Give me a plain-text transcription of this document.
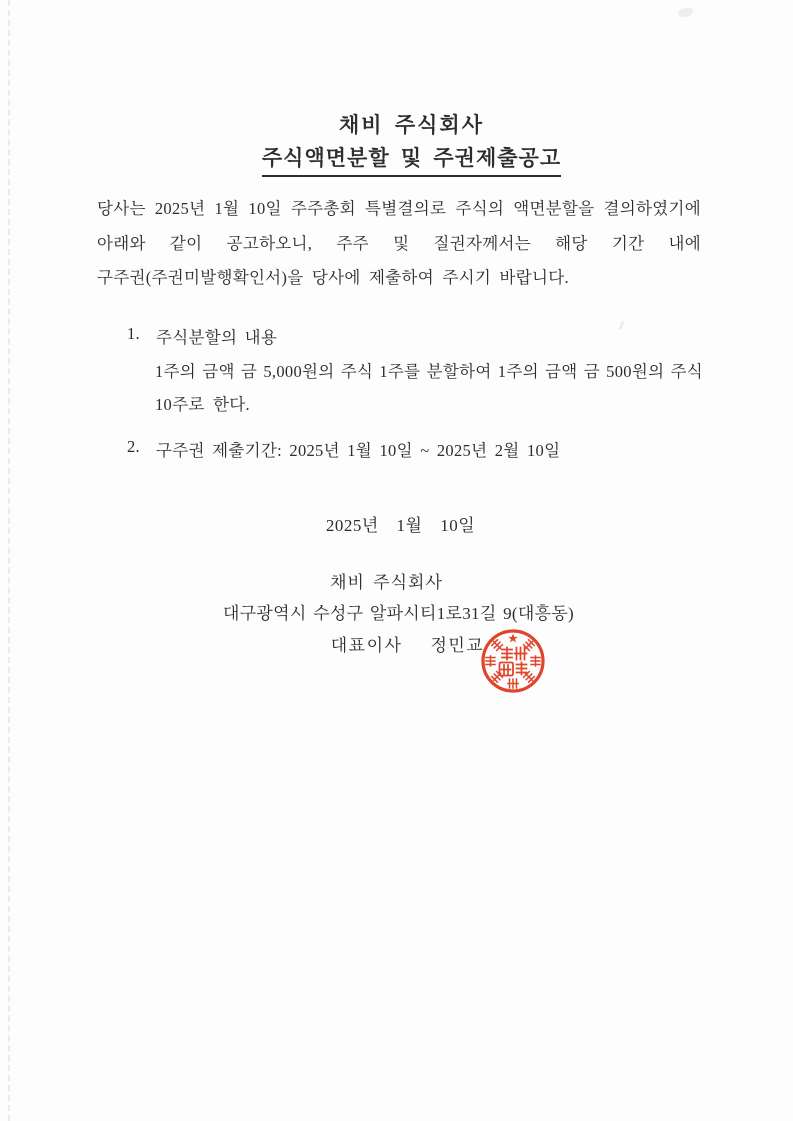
채비 주식회사
주식액면분할 및 주권제출공고
당사는 2025년 1월 10일 주주총회 특별결의로 주식의 액면분할을 결의하였기에
아래와 같이 공고하오니, 주주 및 질권자께서는 해당 기간 내에
구주권(주권미발행확인서)을 당사에 제출하여 주시기 바랍니다.
1. 주식분할의 내용
1주의 금액 금 5,000원의 주식 1주를 분할하여 1주의 금액 금 500원의 주식
10주로 한다.
2. 구주권 제출기간: 2025년 1월 10일 ~ 2025년 2월 10일
2025년 1월 10일
채비 주식회사
대구광역시 수성구 알파시티1로31길 9(대흥동)
대표이사 정민교
